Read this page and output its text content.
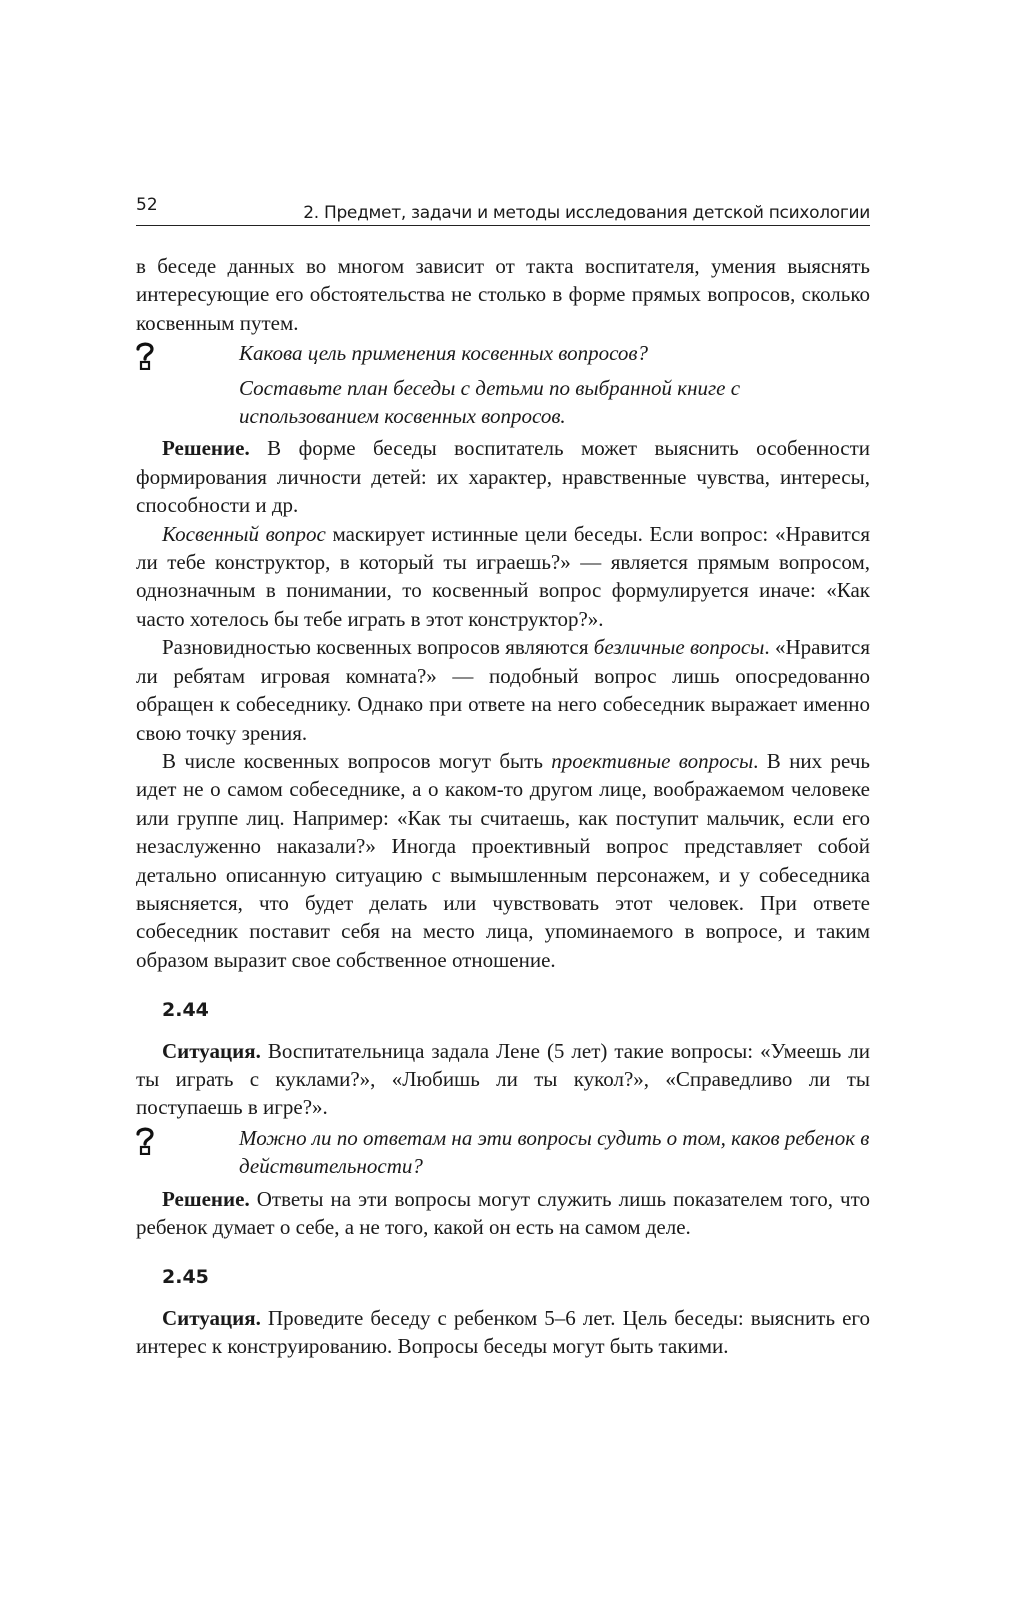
52	2. Предмет, задачи и методы исследования детской психологии

в беседе данных во многом зависит от такта воспитателя, умения выяснять интересующие его обстоятельства не столько в форме прямых вопросов, сколько косвенным путем.

Какова цель применения косвенных вопросов?

Составьте план беседы с детьми по выбранной книге с использованием косвенных вопросов.

Решение. В форме беседы воспитатель может выяснить особенности формирования личности детей: их характер, нравственные чувства, интересы, способности и др.

Косвенный вопрос маскирует истинные цели беседы. Если вопрос: «Нравится ли тебе конструктор, в который ты играешь?» — является прямым вопросом, однозначным в понимании, то косвенный вопрос формулируется иначе: «Как часто хотелось бы тебе играть в этот конструктор?».

Разновидностью косвенных вопросов являются безличные вопросы. «Нравится ли ребятам игровая комната?» — подобный вопрос лишь опосредованно обращен к собеседнику. Однако при ответе на него собеседник выражает именно свою точку зрения.

В числе косвенных вопросов могут быть проективные вопросы. В них речь идет не о самом собеседнике, а о каком-то другом лице, воображаемом человеке или группе лиц. Например: «Как ты считаешь, как поступит мальчик, если его незаслуженно наказали?» Иногда проективный вопрос представляет собой детально описанную ситуацию с вымышленным персонажем, и у собеседника выясняется, что будет делать или чувствовать этот человек. При ответе собеседник поставит себя на место лица, упоминаемого в вопросе, и таким образом выразит свое собственное отношение.

2.44

Ситуация. Воспитательница задала Лене (5 лет) такие вопросы: «Умеешь ли ты играть с куклами?», «Любишь ли ты кукол?», «Справедливо ли ты поступаешь в игре?».

Можно ли по ответам на эти вопросы судить о том, каков ребенок в действительности?

Решение. Ответы на эти вопросы могут служить лишь показателем того, что ребенок думает о себе, а не того, какой он есть на самом деле.

2.45

Ситуация. Проведите беседу с ребенком 5–6 лет. Цель беседы: выяснить его интерес к конструированию. Вопросы беседы могут быть такими.
